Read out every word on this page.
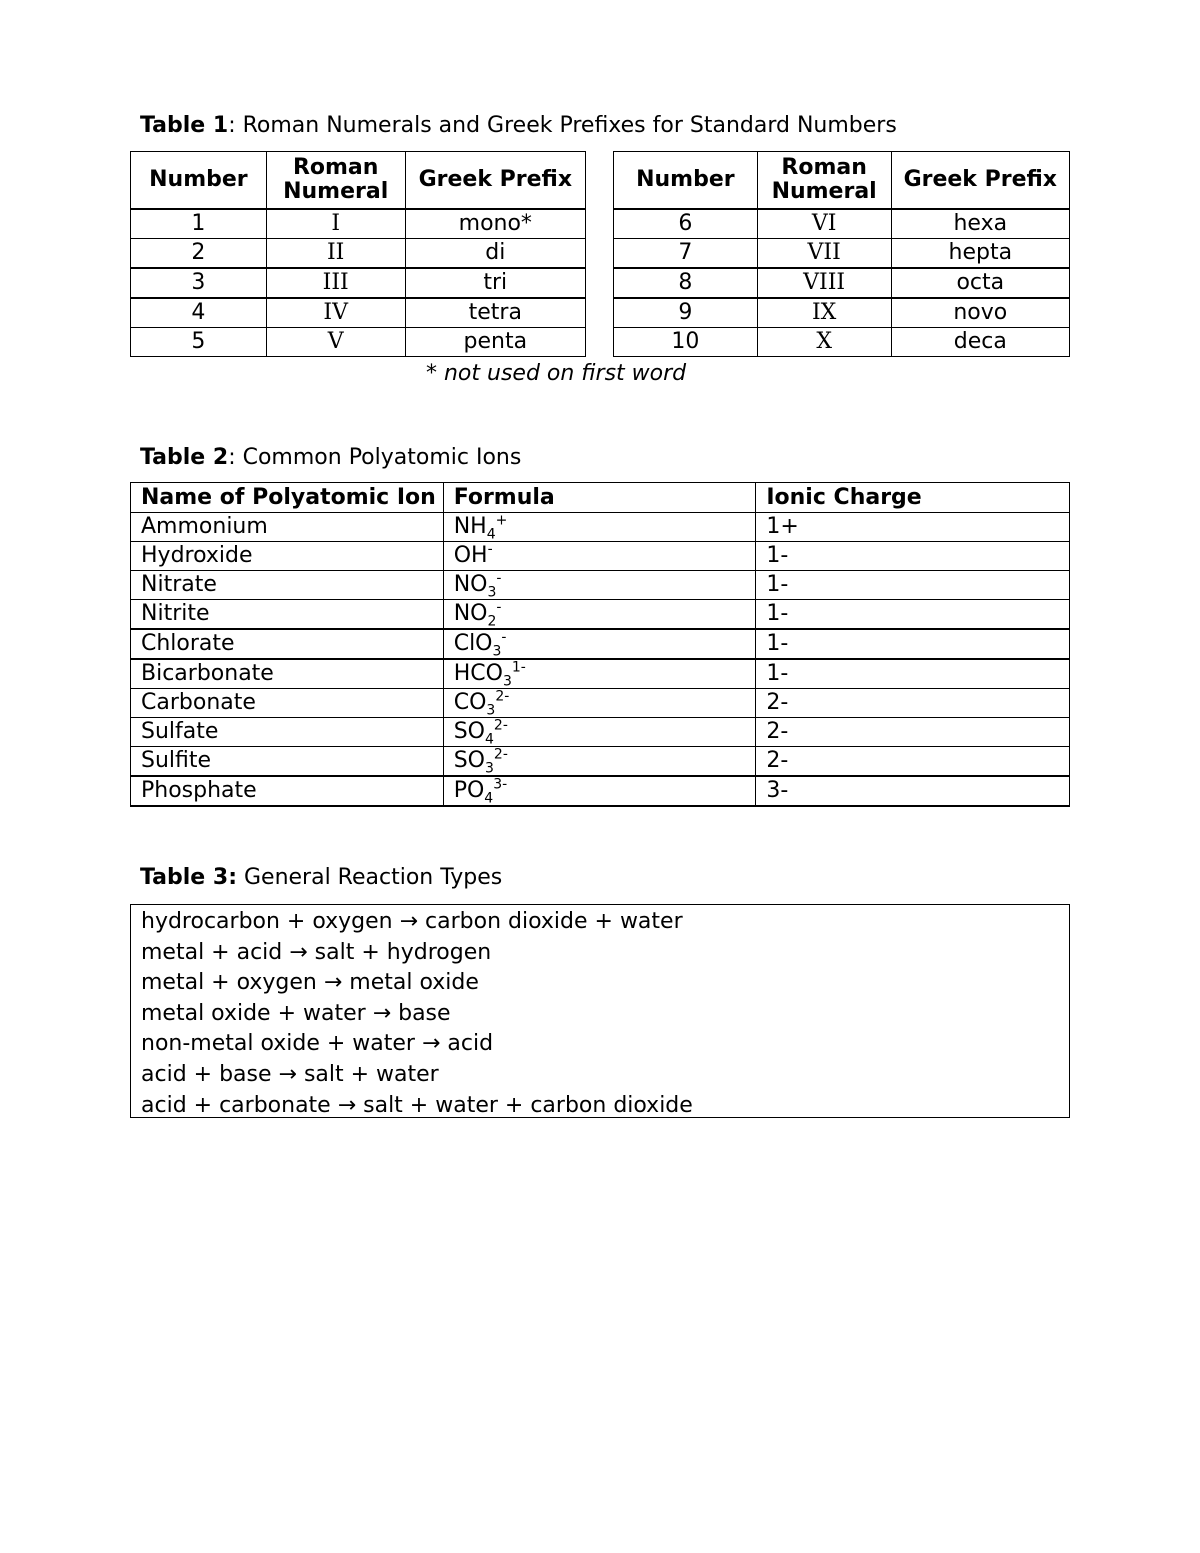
Table 1: Roman Numerals and Greek Prefixes for Standard Numbers
Number	Roman Numeral	Greek Prefix
1	I	mono*
2	II	di
3	III	tri
4	IV	tetra
5	V	penta
Number	Roman Numeral	Greek Prefix
6	VI	hexa
7	VII	hepta
8	VIII	octa
9	IX	novo
10	X	deca
* not used on first word
Table 2: Common Polyatomic Ions
Name of Polyatomic Ion	Formula	Ionic Charge
Ammonium	$NH_4^+$	1+
Hydroxide	OH-	1-
Nitrate	$NO_3^-$	1-
Nitrite	$NO_2^-$	1-
Chlorate	ClO$_3$-	1-
Bicarbonate	$HCO_3^{1-}$	1-
Carbonate	$CO_3^{2-}$	2-
Sulfate	$SO_4^{2-}$	2-
Sulfite	$SO_3^{2-}$	2-
Phosphate	$PO_4^{3-}$	3-
Table 3: General Reaction Types
hydrocarbon + oxygen → carbon dioxide + water
metal + acid → salt + hydrogen
metal + oxygen → metal oxide
metal oxide + water → base
non-metal oxide + water → acid
acid + base → salt + water
acid + carbonate → salt + water + carbon dioxide
